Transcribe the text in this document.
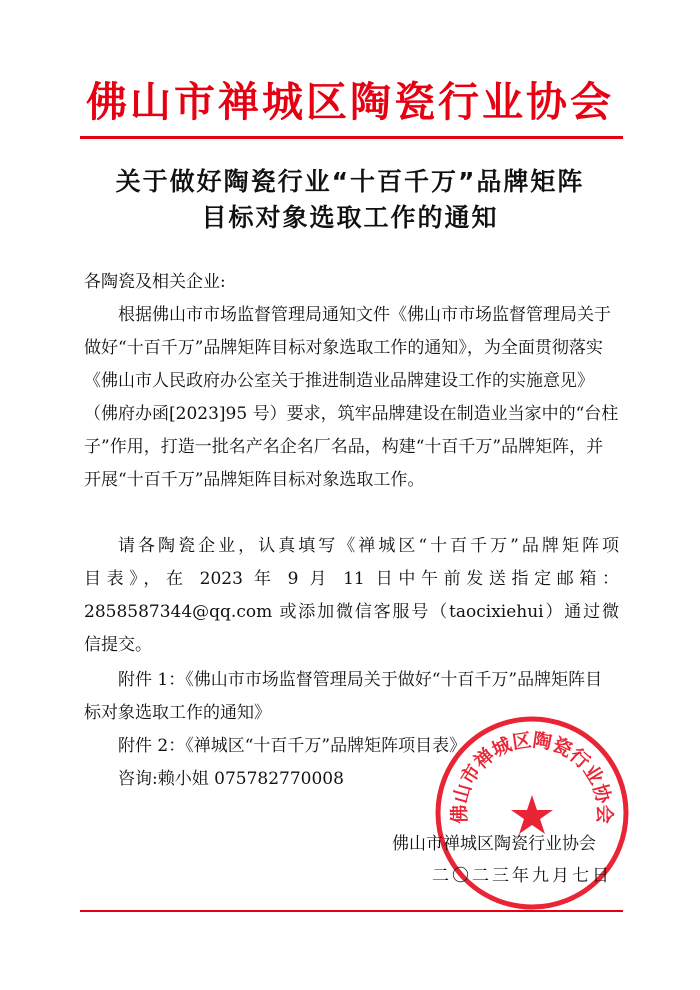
佛山市禅城区陶瓷行业协会
关于做好陶瓷行业“十百千万”品牌矩阵
目标对象选取工作的通知

各陶瓷及相关企业:

根据佛山市市场监督管理局通知文件《佛山市市场监督管理局关于做好“十百千万”品牌矩阵目标对象选取工作的通知》，为全面贯彻落实《佛山市人民政府办公室关于推进制造业品牌建设工作的实施意见》（佛府办函[2023]95 号）要求，筑牢品牌建设在制造业当家中的“台柱子”作用，打造一批名产名企名厂名品，构建“十百千万”品牌矩阵，并开展“十百千万”品牌矩阵目标对象选取工作。

请各陶瓷企业，认真填写《禅城区“十百千万”品牌矩阵项
目表》，在 2023 年 9 月 11 日中午前发送指定邮箱：
2858587344@qq.com 或添加微信客服号（taocixiehui）通过微
信提交。

附件 1：《佛山市市场监督管理局关于做好“十百千万”品牌矩阵目标对象选取工作的通知》

附件 2：《禅城区“十百千万”品牌矩阵项目表》

咨询:赖小姐 075782770008

佛山市禅城区陶瓷行业协会
佛山市禅城区陶瓷行业协会
二〇二三年九月七日
